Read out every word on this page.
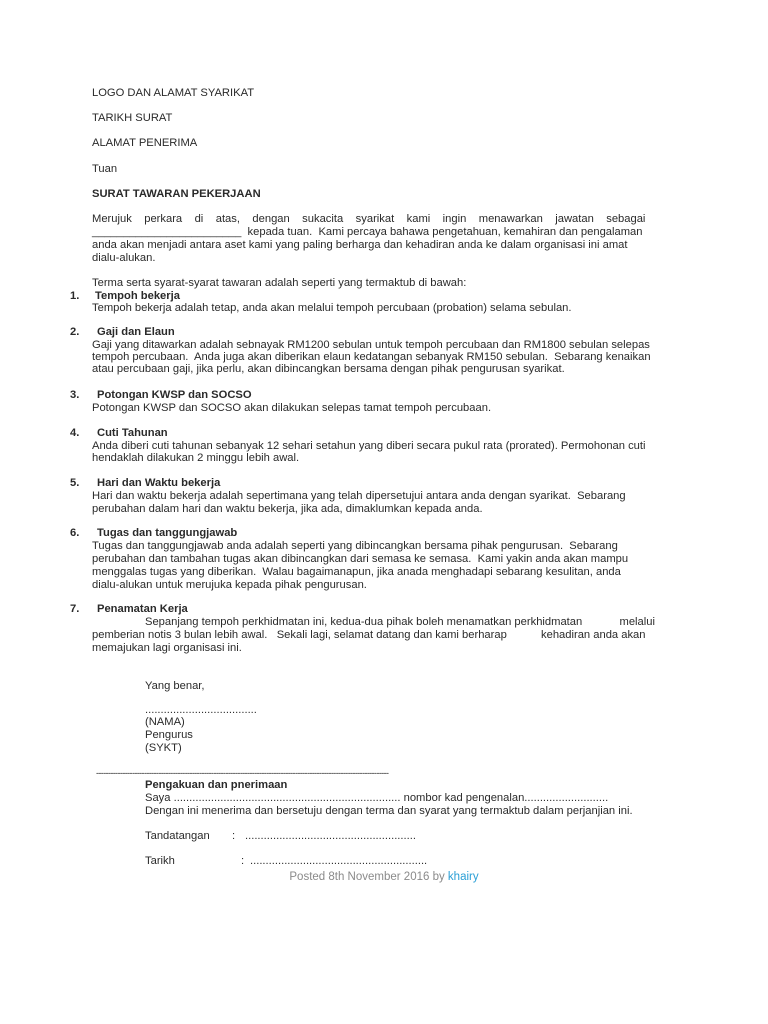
LOGO DAN ALAMAT SYARIKAT
TARIKH SURAT
ALAMAT PENERIMA
Tuan
SURAT TAWARAN PEKERJAAN
Merujuk    perkara    di    atas,    dengan    sukacita    syarikat    kami    ingin    menawarkan    jawatan    sebagai
________________________  kepada tuan.  Kami percaya bahawa pengetahuan, kemahiran dan pengalaman
anda akan menjadi antara aset kami yang paling berharga dan kehadiran anda ke dalam organisasi ini amat
dialu-alukan.
Terma serta syarat-syarat tawaran adalah seperti yang termaktub di bawah:
1. Tempoh bekerja
Tempoh bekerja adalah tetap, anda akan melalui tempoh percubaan (probation) selama sebulan.
2. Gaji dan Elaun
Gaji yang ditawarkan adalah sebnayak RM1200 sebulan untuk tempoh percubaan dan RM1800 sebulan selepas
tempoh percubaan.  Anda juga akan diberikan elaun kedatangan sebanyak RM150 sebulan.  Sebarang kenaikan
atau percubaan gaji, jika perlu, akan dibincangkan bersama dengan pihak pengurusan syarikat.
3. Potongan KWSP dan SOCSO
Potongan KWSP dan SOCSO akan dilakukan selepas tamat tempoh percubaan.
4. Cuti Tahunan
Anda diberi cuti tahunan sebanyak 12 sehari setahun yang diberi secara pukul rata (prorated). Permohonan cuti
hendaklah dilakukan 2 minggu lebih awal.
5. Hari dan Waktu bekerja
Hari dan waktu bekerja adalah sepertimana yang telah dipersetujui antara anda dengan syarikat.  Sebarang
perubahan dalam hari dan waktu bekerja, jika ada, dimaklumkan kepada anda.
6. Tugas dan tanggungjawab
Tugas dan tanggungjawab anda adalah seperti yang dibincangkan bersama pihak pengurusan.  Sebarang
perubahan dan tambahan tugas akan dibincangkan dari semasa ke semasa.  Kami yakin anda akan mampu
menggalas tugas yang diberikan.  Walau bagaimanapun, jika anada menghadapi sebarang kesulitan, anda
dialu-alukan untuk merujuka kepada pihak pengurusan.
7. Penamatan Kerja
Sepanjang tempoh perkhidmatan ini, kedua-dua pihak boleh menamatkan perkhidmatan            melalui
pemberian notis 3 bulan lebih awal.   Sekali lagi, selamat datang dan kami berharap           kehadiran anda akan
memajukan lagi organisasi ini.
Yang benar,
....................................
(NAMA)
Pengurus
(SYKT)
--------------------------------------------------------------------------------------------------------------------------
Pengakuan dan pnerimaan
Saya ......................................................................... nombor kad pengenalan...........................
Dengan ini menerima dan bersetuju dengan terma dan syarat yang termaktub dalam perjanjian ini.
Tandatangan : .......................................................
Tarikh	: .........................................................
Posted 8th November 2016 by khairy
